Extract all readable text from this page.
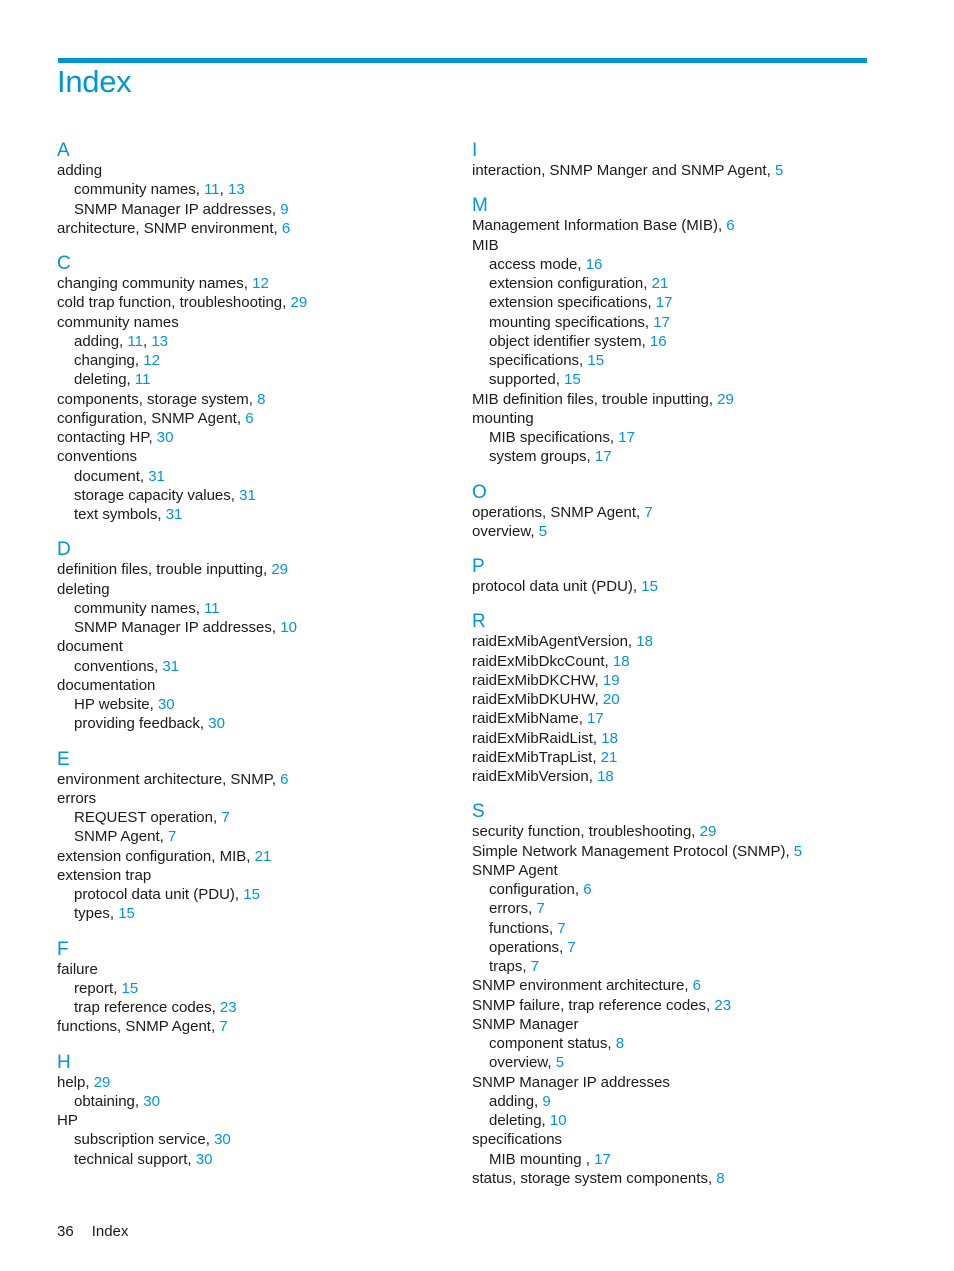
Index
A
adding
community names, 11, 13
SNMP Manager IP addresses, 9
architecture, SNMP environment, 6
C
changing community names, 12
cold trap function, troubleshooting, 29
community names
adding, 11, 13
changing, 12
deleting, 11
components, storage system, 8
configuration, SNMP Agent, 6
contacting HP, 30
conventions
document, 31
storage capacity values, 31
text symbols, 31
D
definition files, trouble inputting, 29
deleting
community names, 11
SNMP Manager IP addresses, 10
document
conventions, 31
documentation
HP website, 30
providing feedback, 30
E
environment architecture, SNMP, 6
errors
REQUEST operation, 7
SNMP Agent, 7
extension configuration, MIB, 21
extension trap
protocol data unit (PDU), 15
types, 15
F
failure
report, 15
trap reference codes, 23
functions, SNMP Agent, 7
H
help, 29
obtaining, 30
HP
subscription service, 30
technical support, 30
I
interaction, SNMP Manger and SNMP Agent, 5
M
Management Information Base (MIB), 6
MIB
access mode, 16
extension configuration, 21
extension specifications, 17
mounting specifications, 17
object identifier system, 16
specifications, 15
supported, 15
MIB definition files, trouble inputting, 29
mounting
MIB specifications, 17
system groups, 17
O
operations, SNMP Agent, 7
overview, 5
P
protocol data unit (PDU), 15
R
raidExMibAgentVersion, 18
raidExMibDkcCount, 18
raidExMibDKCHW, 19
raidExMibDKUHW, 20
raidExMibName, 17
raidExMibRaidList, 18
raidExMibTrapList, 21
raidExMibVersion, 18
S
security function, troubleshooting, 29
Simple Network Management Protocol (SNMP), 5
SNMP Agent
configuration, 6
errors, 7
functions, 7
operations, 7
traps, 7
SNMP environment architecture, 6
SNMP failure, trap reference codes, 23
SNMP Manager
component status, 8
overview, 5
SNMP Manager IP addresses
adding, 9
deleting, 10
specifications
MIB mounting , 17
status, storage system components, 8
36 Index
